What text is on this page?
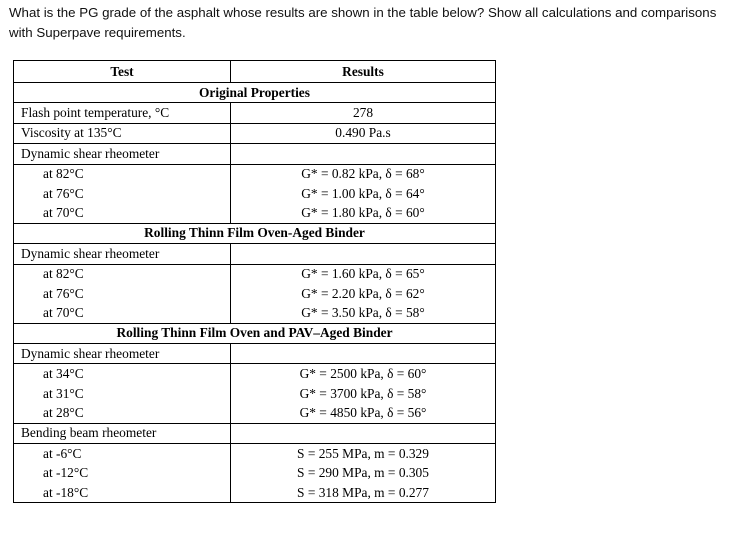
What is the PG grade of the asphalt whose results are shown in the table below? Show all calculations and comparisons with Superpave requirements.
Test	Results
Original Properties	
Flash point temperature, °C	278
Viscosity at 135°C	0.490 Pa.s
Dynamic shear rheometer	
at 82°C	G* = 0.82 kPa, δ = 68°
at 76°C	G* = 1.00 kPa, δ = 64°
at 70°C	G* = 1.80 kPa, δ = 60°
Rolling Thinn Film Oven-Aged Binder	
Dynamic shear rheometer	
at 82°C	G* = 1.60 kPa, δ = 65°
at 76°C	G* = 2.20 kPa, δ = 62°
at 70°C	G* = 3.50 kPa, δ = 58°
Rolling Thinn Film Oven and PAV–Aged Binder	
Dynamic shear rheometer	
at 34°C	G* = 2500 kPa, δ = 60°
at 31°C	G* = 3700 kPa, δ = 58°
at 28°C	G* = 4850 kPa, δ = 56°
Bending beam rheometer	
at -6°C	S = 255 MPa, m = 0.329
at -12°C	S = 290 MPa, m = 0.305
at -18°C	S = 318 MPa, m = 0.277
